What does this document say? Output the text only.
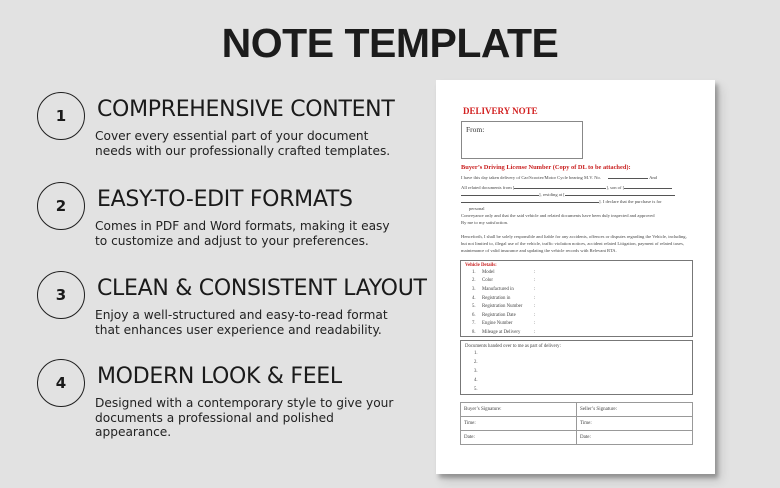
NOTE TEMPLATE
1	COMPREHENSIVE CONTENT
Cover every essential part of your document needs with our professionally crafted templates.
2	EASY-TO-EDIT FORMATS
Comes in PDF and Word formats, making it easy to customize and adjust to your preferences.
3	CLEAN & CONSISTENT LAYOUT
Enjoy a well-structured and easy-to-read format that enhances user experience and readability.
4	MODERN LOOK & FEEL
Designed with a contemporary style to give your documents a professional and polished appearance.
DELIVERY NOTE
From:
Buyer’s Driving License Number (Copy of DL to be attached):
I have this day taken delivery of Car/Scooter/Motor Cycle bearing M.V. No.	And
All related documents from [	], son of [
], residing at [
]. I declare that the purchase is for
personal
Conveyance only and that the said vehicle and related documents have been duly inspected and approved
By me to my satisfaction.
Henceforth, I shall be solely responsible and liable for any accidents, offences or disputes regarding the Vehicle, including, but not limited to, illegal use of the vehicle, traffic violation notices, accident related Litigation, payment of related taxes, maintenance of valid insurance and updating the vehicle records with Relevant RTA.
Vehicle Details:
1.	Model	:
2.	Color	:
3.	Manufactured in	:
4.	Registration in	:
5.	Registration Number	:
6.	Registration Date	:
7.	Engine Number	:
8.	Mileage at Delivery	:
Documents handed over to me as part of delivery:
1.
2.
3.
4.
5.
Buyer’s Signature:	Seller’s Signature:
Time:	Time:
Date:	Date:
